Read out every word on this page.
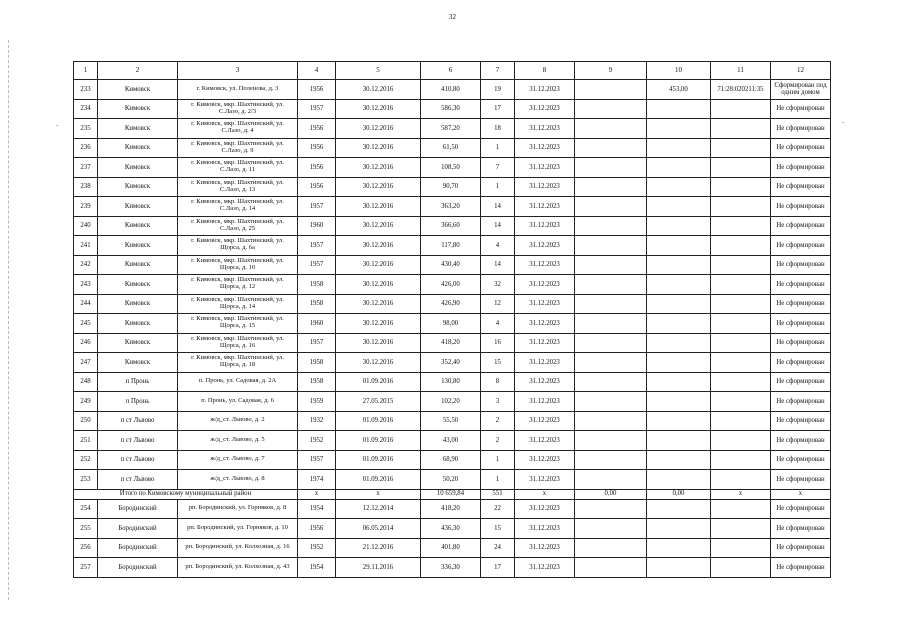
32
-	-
1	2	3	4	5	6	7	8	9	10	11	12
233	Кимовск	г. Кимовск, ул. Поленова, д. 3	1956	30.12.2016	410,80	19	31.12.2023		453,00	71:28:020211:35	Сформирован под одним домом
234	Кимовск	г. Кимовск, мкр. Шахтинский, ул. С.Лазо, д. 2/3	1957	30.12.2016	586,30	17	31.12.2023				Не сформирован
235	Кимовск	г. Кимовск, мкр. Шахтинский, ул. С.Лазо, д. 4	1956	30.12.2016	587,20	18	31.12.2023				Не сформирован
236	Кимовск	г. Кимовск, мкр. Шахтинский, ул. С.Лазо, д. 9	1956	30.12.2016	61,50	1	31.12.2023				Не сформирован
237	Кимовск	г. Кимовск, мкр. Шахтинский, ул. С.Лазо, д. 11	1956	30.12.2016	108,50	7	31.12.2023				Не сформирован
238	Кимовск	г. Кимовск, мкр. Шахтинский, ул. С.Лазо, д. 13	1956	30.12.2016	90,70	1	31.12.2023				Не сформирован
239	Кимовск	г. Кимовск, мкр. Шахтинский, ул. С.Лазо, д. 14	1957	30.12.2016	363,20	14	31.12.2023				Не сформирован
240	Кимовск	г. Кимовск, мкр. Шахтинский, ул. С.Лазо, д. 25	1960	30.12.2016	366,60	14	31.12.2023				Не сформирован
241	Кимовск	г. Кимовск, мкр. Шахтинский, ул. Щорса, д. 6а	1957	30.12.2016	117,80	4	31.12.2023				Не сформирован
242	Кимовск	г. Кимовск, мкр. Шахтинский, ул. Щорса, д. 10	1957	30.12.2016	430,40	14	31.12.2023				Не сформирован
243	Кимовск	г. Кимовск, мкр. Шахтинский, ул. Щорса, д. 12	1958	30.12.2016	426,00	32	31.12.2023				Не сформирован
244	Кимовск	г. Кимовск, мкр. Шахтинский, ул. Щорса, д. 14	1958	30.12.2016	426,90	12	31.12.2023				Не сформирован
245	Кимовск	г. Кимовск, мкр. Шахтинский, ул. Щорса, д. 15	1960	30.12.2016	98,00	4	31.12.2023				Не сформирован
246	Кимовск	г. Кимовск, мкр. Шахтинский, ул. Щорса, д. 16	1957	30.12.2016	418,20	16	31.12.2023				Не сформирован
247	Кимовск	г. Кимовск, мкр. Шахтинский, ул. Щорса, д. 18	1958	30.12.2016	352,40	15	31.12.2023				Не сформирован
248	п Пронь	п. Пронь, ул. Садовая, д. 2А	1958	01.09.2016	130,80	8	31.12.2023				Не сформирован
249	п Пронь	п. Пронь, ул. Садовая, д. 6	1959	27.05.2015	102,20	3	31.12.2023				Не сформирован
250	п ст Львово	ж/д_ст. Львово, д. 2	1932	01.09.2016	55,50	2	31.12.2023				Не сформирован
251	п ст Львово	ж/д_ст. Львово, д. 5	1952	01.09.2016	43,00	2	31.12.2023				Не сформирован
252	п ст Львово	ж/д_ст. Львово, д. 7	1957	01.09.2016	68,90	1	31.12.2023				Не сформирован
253	п ст Львово	ж/д_ст. Львово, д. 8	1974	01.09.2016	50,20	1	31.12.2023				Не сформирован
Итого по Кимовскому муниципальный район			х	х	10 659,84	551	х	0,00	0,00	х	х
254	Бородинский	рп. Бородинский, ул. Горняков, д. 8	1954	12.12.2014	418,20	22	31.12.2023				Не сформирован
255	Бородинский	рп. Бородинский, ул. Горняков, д. 10	1956	06.05.2014	436,30	15	31.12.2023				Не сформирован
256	Бородинский	рп. Бородинский, ул. Колхозная, д. 16	1952	21.12.2016	401,80	24	31.12.2023				Не сформирован
257	Бородинский	рп. Бородинский, ул. Колхозная, д. 43	1954	29.11.2016	336,30	17	31.12.2023				Не сформирован
